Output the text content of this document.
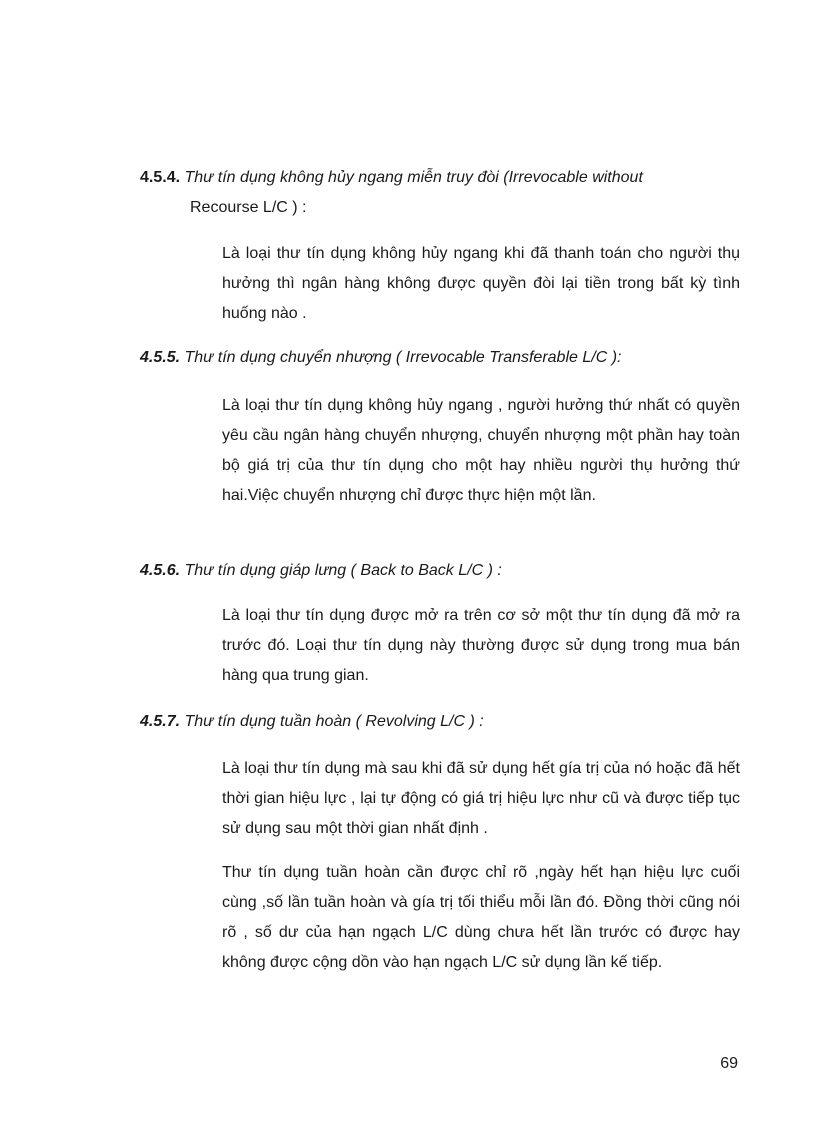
4.5.4. Thư tín dụng không hủy ngang miễn truy đòi (Irrevocable without
Recourse L/C ) :

Là loại thư tín dụng không hủy ngang khi đã thanh toán cho người thụ hưởng thì ngân hàng không được quyền đòi lại tiền trong bất kỳ tình huống nào .

4.5.5. Thư tín dụng chuyển nhượng ( Irrevocable Transferable L/C ):

Là loại thư tín dụng không hủy ngang , người hưởng thứ nhất có quyền yêu cầu ngân hàng chuyển nhượng, chuyển nhượng một phần hay toàn bộ giá trị của thư tín dụng cho một hay nhiều người thụ hưởng thứ hai.Việc chuyển nhượng chỉ được thực hiện một lần.

4.5.6. Thư tín dụng giáp lưng ( Back to Back L/C ) :

Là loại thư tín dụng được mở ra trên cơ sở một thư tín dụng đã mở ra trước đó. Loại thư tín dụng này thường được sử dụng trong mua bán hàng qua trung gian.

4.5.7. Thư tín dụng tuần hoàn ( Revolving L/C ) :

Là loại thư tín dụng mà sau khi đã sử dụng hết gía trị của nó hoặc đã hết thời gian hiệu lực , lại tự động có giá trị hiệu lực như cũ và được tiếp tục sử dụng sau một thời gian nhất định .

Thư tín dụng tuần hoàn cần được chỉ rõ ,ngày hết hạn hiệu lực cuối cùng ,số lần tuần hoàn và gía trị tối thiểu mỗi lần đó. Đồng thời cũng nói rõ , số dư của hạn ngạch L/C dùng chưa hết lần trước có được hay không được cộng dồn vào hạn ngạch L/C sử dụng lần kế tiếp.

69
